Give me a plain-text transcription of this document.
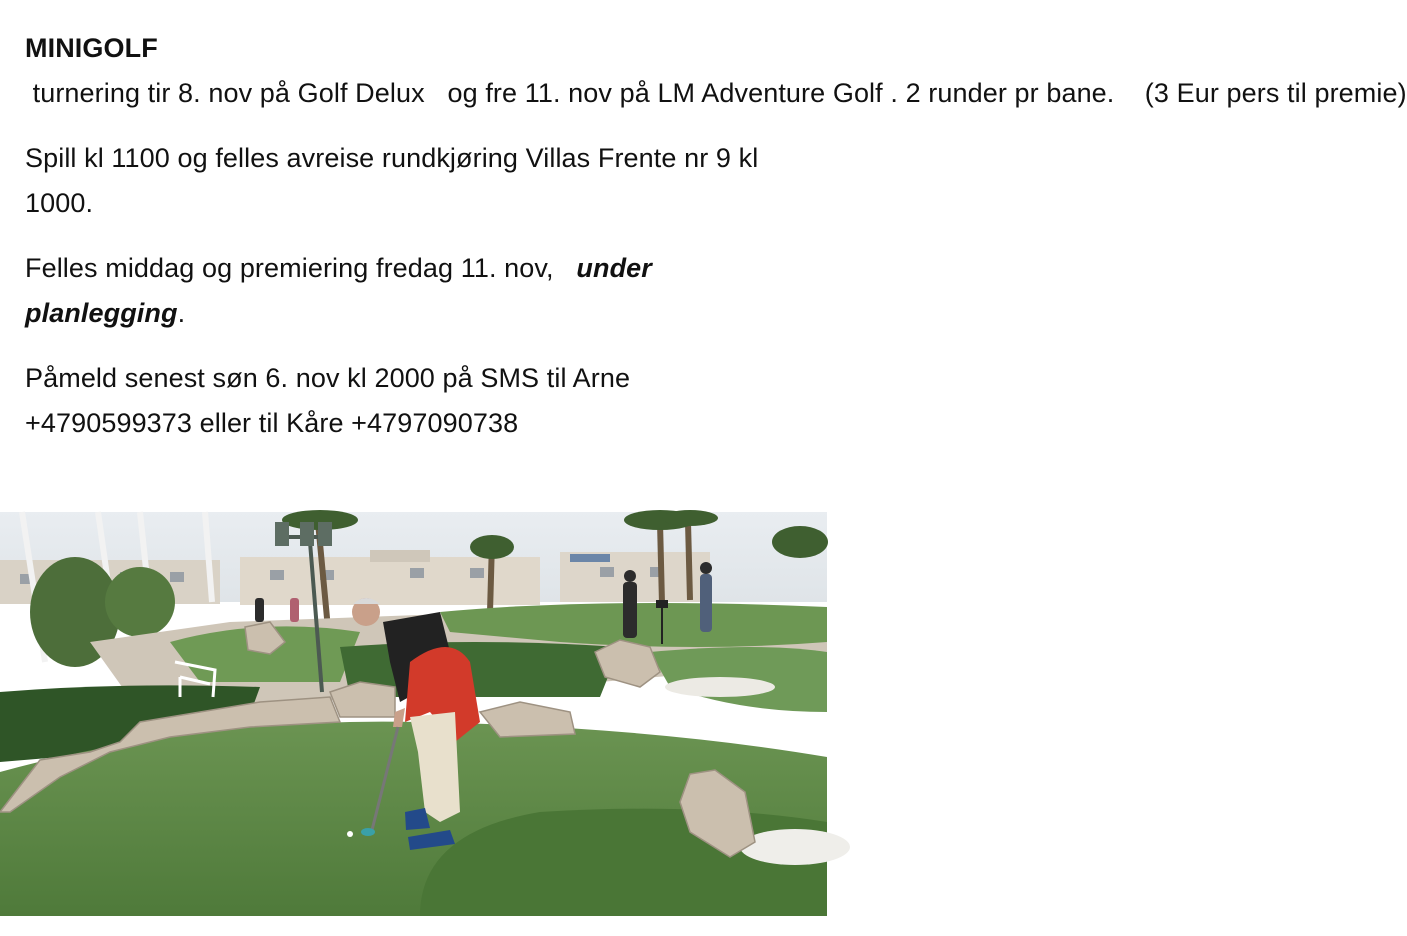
MINIGOLF turnering tir 8. nov på Golf Delux   og fre 11. nov på LM Adventure Golf . 2 runder pr bane.    (3 Eur pers til premie)

Spill kl 1100 og felles avreise rundkjøring Villas Frente nr 9 kl 1000.

Felles middag og premiering fredag 11. nov,   under planlegging.

Påmeld senest søn 6. nov kl 2000 på SMS til Arne +4790599373 eller til Kåre +4797090738
